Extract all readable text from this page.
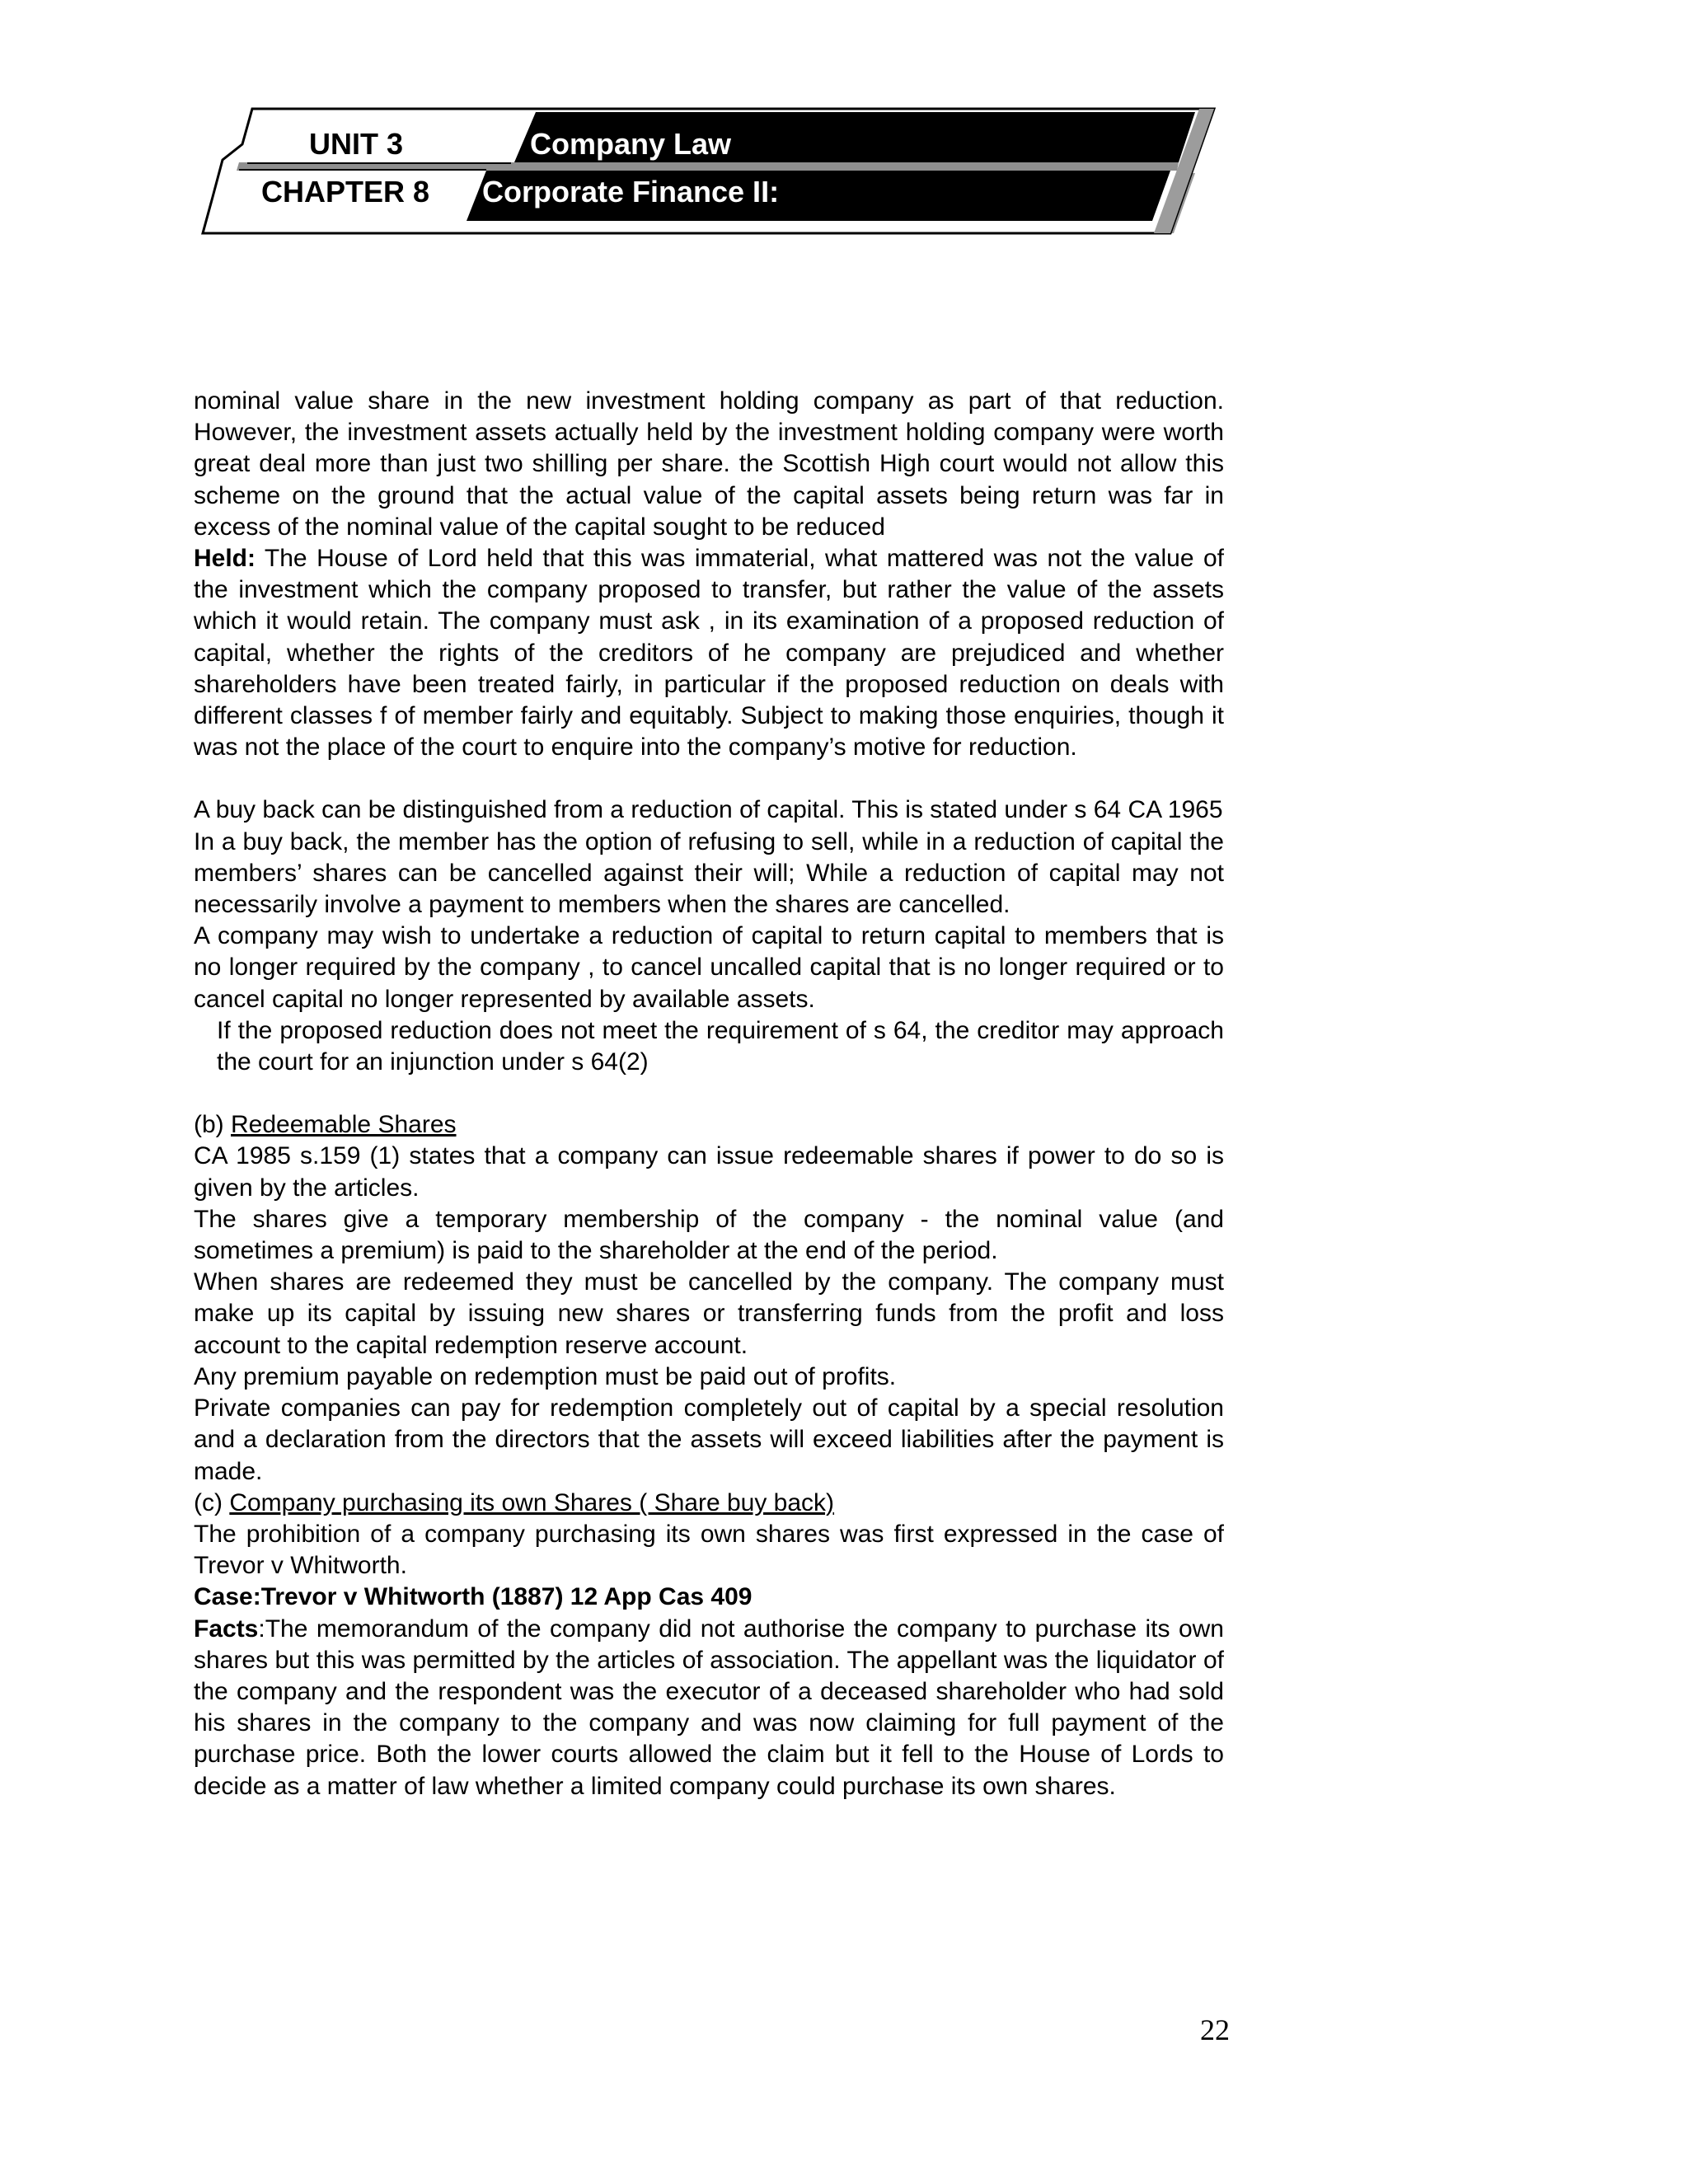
UNIT 3	Company Law
CHAPTER 8 Corporate Finance II:

nominal value share in the new investment holding company as part of that reduction. However, the investment assets actually held by the investment holding company were worth great deal more than just two shilling per share. the Scottish High court would not allow this scheme on the ground that the actual value of the capital assets being return was far in excess of the nominal value of the capital sought to be reduced

Held: The House of Lord held that this was immaterial, what mattered was not the value of the investment which the company proposed to transfer, but rather the value of the assets which it would retain. The company must ask , in its examination of a proposed reduction of capital, whether the rights of the creditors of he company are prejudiced and whether shareholders have been treated fairly, in particular if the proposed reduction on deals with different classes f of member fairly and equitably. Subject to making those enquiries, though it was not the place of the court to enquire into the company’s motive for reduction.

A buy back can be distinguished from a reduction of capital. This is stated under s 64 CA 1965

In a buy back, the member has the option of refusing to sell, while in a reduction of capital the members’ shares can be cancelled against their will; While a reduction of capital may not necessarily involve a payment to members when the shares are cancelled.

A company may wish to undertake a reduction of capital to return capital to members that is no longer required by the company , to cancel uncalled capital that is no longer required or to cancel capital no longer represented by available assets.

If the proposed reduction does not meet the requirement of s 64, the creditor may approach the court for an injunction under s 64(2)

(b) Redeemable Shares

CA 1985 s.159 (1) states that a company can issue redeemable shares if power to do so is given by the articles.

The shares give a temporary membership of the company - the nominal value (and sometimes a premium) is paid to the shareholder at the end of the period.

When shares are redeemed they must be cancelled by the company. The company must make up its capital by issuing new shares or transferring funds from the profit and loss account to the capital redemption reserve account.

Any premium payable on redemption must be paid out of profits.

Private companies can pay for redemption completely out of capital by a special resolution and a declaration from the directors that the assets will exceed liabilities after the payment is made.

(c) Company purchasing its own Shares ( Share buy back)

The prohibition of a company purchasing its own shares was first expressed in the case of Trevor v Whitworth.

Case:Trevor v Whitworth (1887) 12 App Cas 409

Facts:The memorandum of the company did not authorise the company to purchase its own shares but this was permitted by the articles of association. The appellant was the liquidator of the company and the respondent was the executor of a deceased shareholder who had sold his shares in the company to the company and was now claiming for full payment of the purchase price. Both the lower courts allowed the claim but it fell to the House of Lords to decide as a matter of law whether a limited company could purchase its own shares.

22
